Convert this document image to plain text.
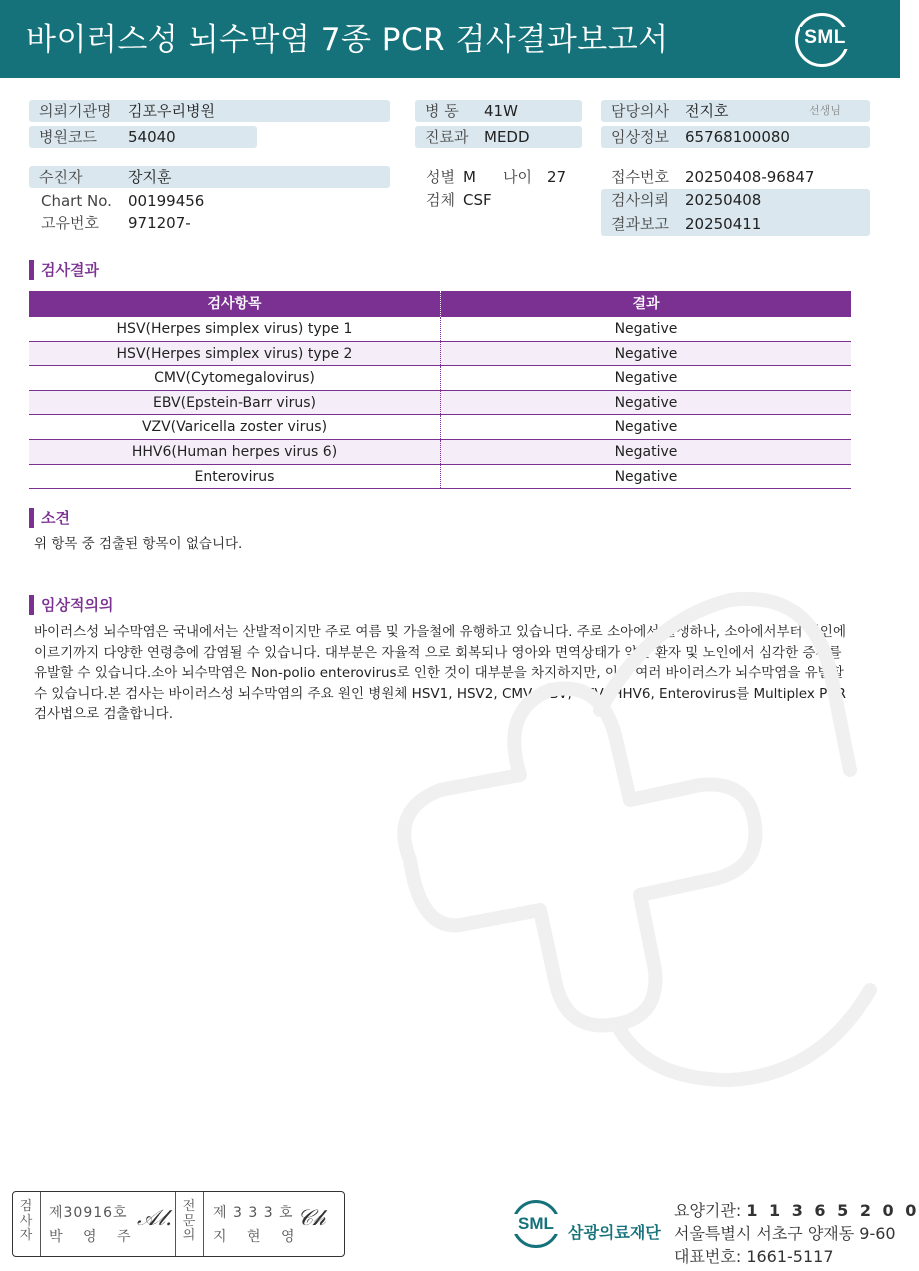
바이러스성 뇌수막염 7종 PCR 검사결과보고서	SML
의뢰기관명 김포우리병원
병원코드 54040
수진자	장지훈
Chart No. 00199456
고유번호 971207-
병 동 41W
진료과 MEDD
성별 M 나이 27
검체 CSF
담당의사 전지호	선생님
임상정보 65768100080
접수번호 20250408-96847
검사의뢰 20250408
결과보고 20250411
검사결과
검사항목	결과
HSV(Herpes simplex virus) type 1	Negative
HSV(Herpes simplex virus) type 2	Negative
CMV(Cytomegalovirus)	Negative
EBV(Epstein-Barr virus)	Negative
VZV(Varicella zoster virus)	Negative
HHV6(Human herpes virus 6)	Negative
Enterovirus	Negative
소견
위 항목 중 검출된 항목이 없습니다.
임상적의의
바이러스성 뇌수막염은 국내에서는 산발적이지만 주로 여름 및 가을철에 유행하고 있습니다. 주로 소아에서 발생하나, 소아에서부터 성인에
이르기까지 다양한 연령층에 감염될 수 있습니다. 대부분은 자율적 으로 회복되나 영아와 면역상태가 약한 환자 및 노인에서 심각한 증세를
유발할 수 있습니다.소아 뇌수막염은 Non-polio enterovirus로 인한 것이 대부분을 차지하지만, 이외 여러 바이러스가 뇌수막염을 유발할
수 있습니다.본 검사는 바이러스성 뇌수막염의 주요 원인 병원체 HSV1, HSV2, CMV, EBV, VZV, HHV6, Enterovirus를 Multiplex PCR
검사법으로 검출합니다.
검
사
자
제30916호
박 영 주
𝒜𝓁. 전
문
의
제 3 3 3 호
지 현 영
𝒞𝒽	SML 삼광의료재단
요양기관: 1 1 3 6 5 2 0 0
서울특별시 서초구 양재동 9-60
대표번호: 1661-5117
